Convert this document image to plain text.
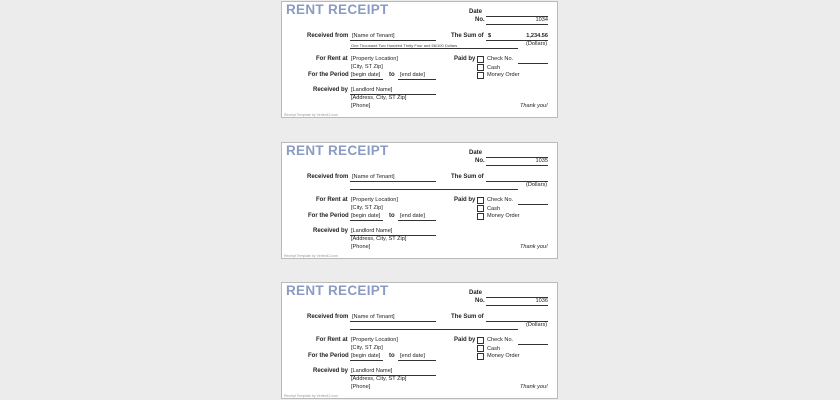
RENT RECEIPT	Date
No.	1034
Received from [Name of Tenant]	The Sum of $	1,234.56
One Thousand Two Hundred Thirty Four and 56/100 Dollars	(Dollars)
For Rent at [Property Location]
[City, ST Zip]
For the Period [begin date] to [end date]
Paid by Check No.
Cash
Money Order
Received by [Landlord Name]
[Address, City, ST Zip]
[Phone]	Thank you!
Receipt Template by Vertex42.com
RENT RECEIPT	Date
No.	1035
Received from [Name of Tenant]	The Sum of
(Dollars)
For Rent at [Property Location]
[City, ST Zip]
For the Period [begin date] to [end date]
Paid by Check No.
Cash
Money Order
Received by [Landlord Name]
[Address, City, ST Zip]
[Phone]	Thank you!
Receipt Template by Vertex42.com
RENT RECEIPT	Date
No.	1036
Received from [Name of Tenant]	The Sum of
(Dollars)
For Rent at [Property Location]
[City, ST Zip]
For the Period [begin date] to [end date]
Paid by Check No.
Cash
Money Order
Received by [Landlord Name]
[Address, City, ST Zip]
[Phone]	Thank you!
Receipt Template by Vertex42.com
